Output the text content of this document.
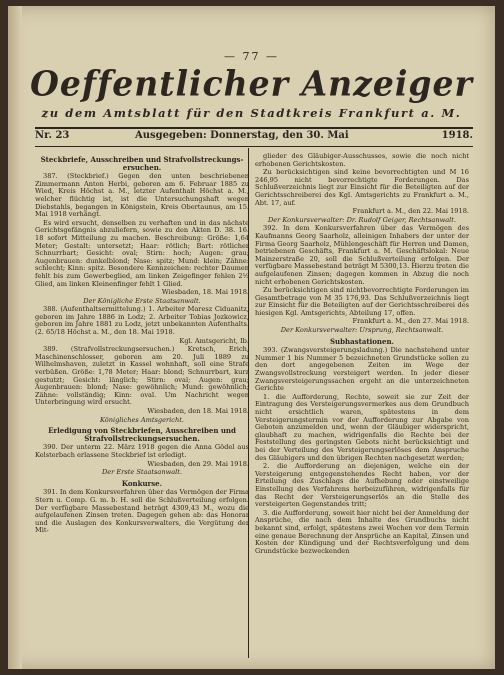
— 77 —
Oeffentlicher Anzeiger
zu dem Amtsblatt für den Stadtkreis Frankfurt a. M.
Nr. 23	Ausgegeben: Donnerstag, den 30. Mai	1918.

Steckbriefe, Ausschreiben und Strafvollstreckungs-ersuchen.

387. (Steckbrief.) Gegen den unten beschriebenen Zimmermann Anton Herbi, geboren am 6. Februar 1885 zu Wied, Kreis Höchst a. M., letzter Aufenthalt Höchst a. M., welcher flüchtig ist, ist die Untersuchungshaft wegen Diebstahls, begangen in Königstein, Kreis Obertaunus, am 15. Mai 1918 verhängt.

Es wird ersucht, denselben zu verhaften und in das nächste Gerichtsgefängnis abzuliefern, sowie zu den Akten D. 38. 16. 18 sofort Mitteilung zu machen. Beschreibung: Größe: 1,64 Meter; Gestalt: untersetzt; Haar: rötlich; Bart: rötlicher Schnurrbart; Gesicht: oval; Stirn: hoch; Augen: grau; Augenbrauen: dunkelblond; Nase: spitz; Mund: klein; Zähne: schlecht; Kinn: spitz. Besondere Kennzeichen: rechter Daumen fehlt bis zum Gewerbeglied, am linken Zeigefinger fehlen 2½ Glied, am linken Kleinenfinger fehlt 1 Glied.

Wiesbaden, 18. Mai 1918.

Der Königliche Erste Staatsanwalt.

388. (Aufenthaltsermittelung.) 1. Arbeiter Maresz Ciduanitz, geboren im Jahre 1886 in Lodz; 2. Arbeiter Tobias Jozkowicz, geboren im Jahre 1881 zu Lodz, jetzt unbekannten Aufenthalts. (2. 65/18 Höchst a. M., den 18. Mai 1918.

Kgl. Amtsgericht, Ib.

389. (Strafvollstreckungsersuchen.) Kretsch, Erich, Maschinenschlosser, geboren am 20. Juli 1889 zu Wilhelmshaven, zuletzt in Kassel wohnhaft, soll eine Strafe verbüßen. Größe: 1,78 Meter; Haar: blond; Schnurrbart, kurz gestutzt; Gesicht: länglich; Stirn: oval; Augen: grau; Augenbrauen: blond; Nase: gewöhnlich; Mund: gewöhnlich; Zähne: vollständig; Kinn: oval. Um Nachricht wegen Unterbringung wird ersucht.

Wiesbaden, den 18. Mai 1918.

Königliches Amtsgericht.

Erledigung von Steckbriefen, Ausschreiben und Strafvollstreckungsersuchen.

390. Der unterm 22. März 1918 gegen die Anna Gödel aus Kelsterbach erlassene Steckbrief ist erledigt.

Wiesbaden, den 29. Mai 1918.

Der Erste Staatsanwalt.

Konkurse.

391. In dem Konkursverfahren über das Vermögen der Firma Stern u. Comp. G. m. b. H. soll die Schlußverteilung erfolgen. Der verfügbare Massebestand beträgt 4309,43 M., wozu die aufgelaufenen Zinsen treten. Dagegen gehen ab: das Honorar und die Auslagen des Konkursverwalters, die Vergütung der Mit-

glieder des Gläubiger-Ausschusses, sowie die noch nicht erhobenen Gerichtskosten.

Zu berücksichtigen sind keine bevorrechtigten und M 16 246,95 nicht bevorrechtigte Forderungen. Das Schlußverzeichnis liegt zur Einsicht für die Beteiligten auf der Gerichtsschreiberei des Kgl. Amtsgerichts zu Frankfurt a. M., Abt. 17, auf.

Frankfurt a. M., den 22. Mai 1918.

Der Konkursverwalter: Dr. Rudolf Geiger, Rechtsanwalt.

392. In dem Konkursverfahren über das Vermögen des Kaufmanns Georg Saarholz, alleinigen Inhabers der unter der Firma Georg Saarholz, Mühlengeschäft für Herren und Damen, betriebenen Geschäfts, Frankfurt a. M. Geschäftslokal: Neue Mainzerstraße 20, soll die Schlußverteilung erfolgen. Der verfügbare Massebestand beträgt M 5300,13. Hierzu treten die aufgelaufenen Zinsen; dagegen kommen in Abzug die noch nicht erhobenen Gerichtskosten.

Zu berücksichtigen sind nichtbevorrechtigte Forderungen im Gesamtbetrage von M 35 176,93. Das Schlußverzeichnis liegt zur Einsicht für die Beteiligten auf der Gerichtsschreiberei des hiesigen Kgl. Amtsgerichts, Abteilung 17, offen.

Frankfurt a. M., den 27. Mai 1918.

Der Konkursverwalter: Ursprung, Rechtsanwalt.

Subhastationen.

393. (Zwangsversteigerungsladung.) Die nachstehend unter Nummer 1 bis Nummer 5 bezeichneten Grundstücke sollen zu den dort angegebenen Zeiten im Wege der Zwangsvollstreckung versteigert werden. In jeder dieser Zwangsversteigerungssachen ergeht an die unterzeichneten Gerichte

1. die Aufforderung, Rechte, soweit sie zur Zeit der Eintragung des Versteigerungsvermerkes aus dem Grundbuch nicht ersichtlich waren, spätestens in dem Versteigerungstermin vor der Aufforderung zur Abgabe von Geboten anzumelden und, wenn der Gläubiger widerspricht, glaubhaft zu machen, widrigenfalls die Rechte bei der Feststellung des geringsten Gebots nicht berücksichtigt und bei der Verteilung des Versteigerungserlöses dem Anspruche des Gläubigers und den übrigen Rechten nachgesetzt werden;

2. die Aufforderung an diejenigen, welche ein der Versteigerung entgegenstehendes Recht haben, vor der Erteilung des Zuschlags die Aufhebung oder einstweilige Einstellung des Verfahrens herbeizuführen, widrigenfalls für das Recht der Versteigerungserlös an die Stelle des versteigerten Gegenstandes tritt;

3. die Aufforderung, soweit hier nicht bei der Anmeldung der Ansprüche, die nach dem Inhalte des Grundbuchs nicht bekannt sind, erfolgt, spätestens zwei Wochen vor dem Termin eine genaue Berechnung der Ansprüche an Kapital, Zinsen und Kosten der Kündigung und der Rechtsverfolgung und dem Grundstücke bezweckenden
